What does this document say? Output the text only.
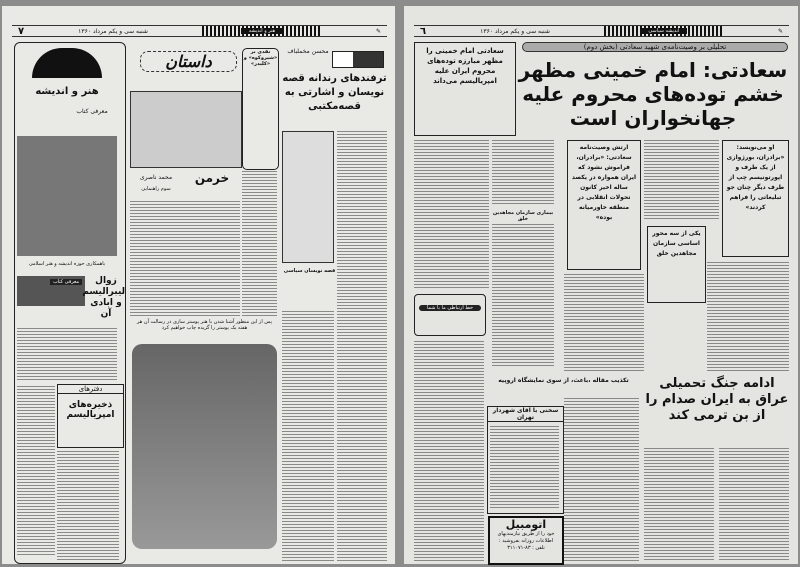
۷	شنبه سی و یکم مرداد ۱۳۶۰	هنر و اندیشه	✎
هنر و اندیشه
معرفی کتاب
باهمکاری حوزه اندیشه و هنر اسلامی
معرفی کتاب	زوال لیبرالیسم و ابادی آن
دفترهای
ذخیره‌های امپریالیسم
داستان
خرمن
محمد ناصری
سوم راهنمایی
نقدی بر «شیروکوه» و «کلیدر»
پس از این منظور آشنا شدن با هنر پوستر سازی در رسالت آن هر هفته یک پوستر را گزیده چاپ خواهیم کرد
محسن مخملباف
ترفندهای رندانه قصه نویسان و اشارتی به قصه‌مکتبی
قصه نویسان سیاسی
٦	شنبه سی و یکم مرداد ۱۳۶۰	اندیشه سیاسی	✎
سعادتی امام خمینی را مظهر مبارزه توده‌های محروم ایران علیه امپریالیسم می‌داند
تحلیلی بر وصیت‌نامه‌ی شهید سعادتی (بخش دوم)
سعادتی: امام خمینی مظهر خشم توده‌های محروم علیه جهانخواران است
بیماری سازمان مجاهدین خلق
ارتش وصیت‌نامه سعادتی: «برادران، فراموش نشود که ایران همواره در یکصد ساله اخیر کانون تحولات انقلابی در منطقه خاورمیانه بوده»
او می‌نویسد: «برادران، بورژوازی از یک طرف و اپورتونیسم چپ از طرف دیگر چنان جو تبلیغاتی را فراهم کردند»
یکی از سه محور اساسی سازمان مجاهدین خلق
خط ارتباطی ما با شما
تکذیب مقاله ،باعث، از سوی نمایشگاه اروپیه
سخنی با آقای شهردار تهران
اتومبیل
خود را از طریق نیازمندیهای
اطلاعات روزانه بفروشید :
تلفن : ۸۳-۳۱۱۰۷۱
ادامه جنگ تحمیلی عراق به ایران صدام را از بن ترمی کند
